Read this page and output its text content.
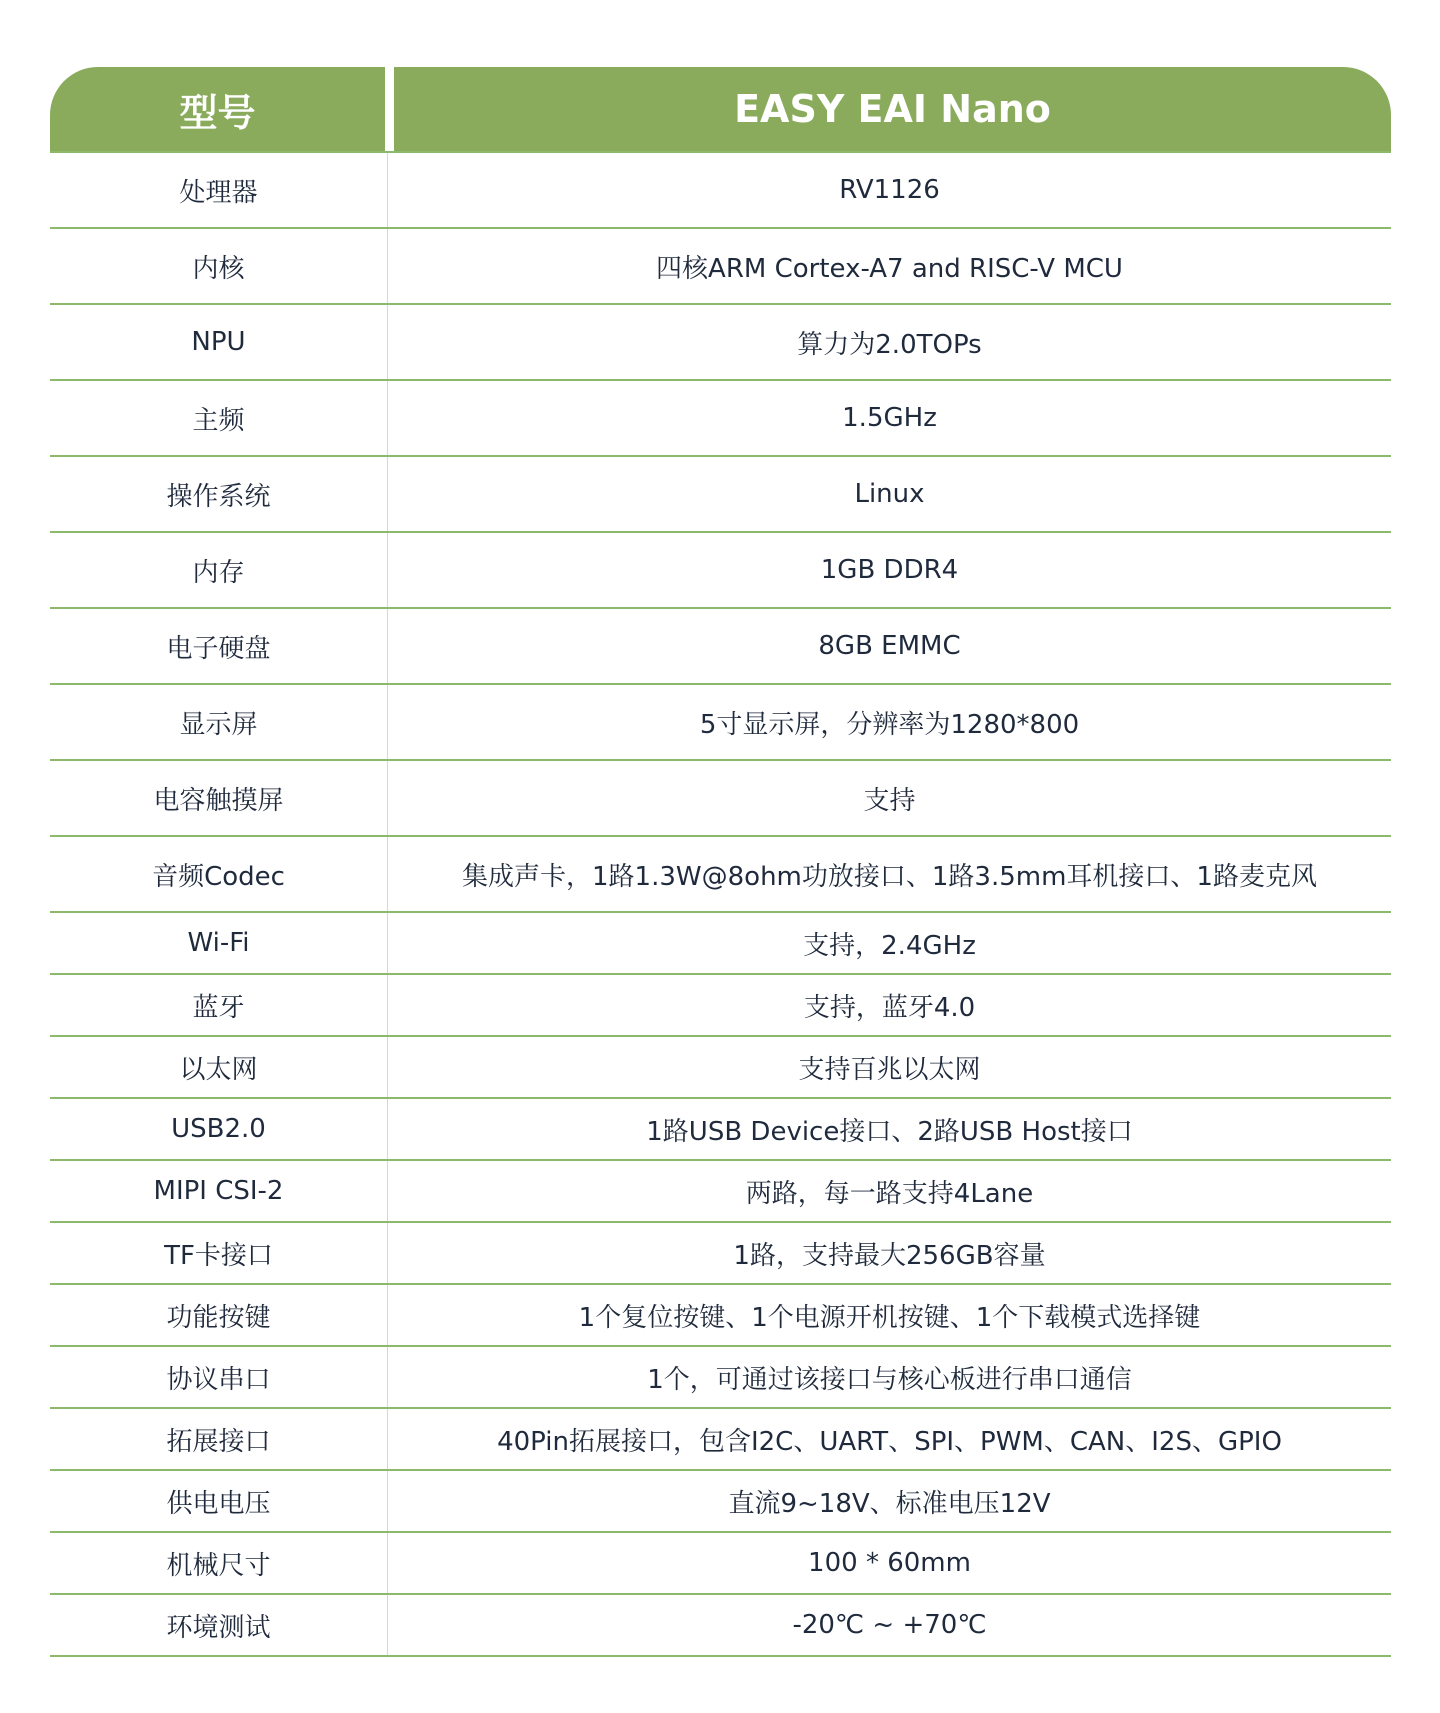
型号	EASY EAI Nano
处理器	RV1126
内核	四核ARM Cortex-A7 and RISC-V MCU
NPU	算力为2.0TOPs
主频	1.5GHz
操作系统	Linux
内存	1GB DDR4
电子硬盘	8GB EMMC
显示屏	5寸显示屏，分辨率为1280*800
电容触摸屏	支持
音频Codec	集成声卡，1路1.3W@8ohm功放接口、1路3.5mm耳机接口、1路麦克风
Wi-Fi	支持，2.4GHz
蓝牙	支持，蓝牙4.0
以太网	支持百兆以太网
USB2.0	1路USB Device接口、2路USB Host接口
MIPI CSI-2	两路，每一路支持4Lane
TF卡接口	1路，支持最大256GB容量
功能按键	1个复位按键、1个电源开机按键、1个下载模式选择键
协议串口	1个，可通过该接口与核心板进行串口通信
拓展接口	40Pin拓展接口，包含I2C、UART、SPI、PWM、CAN、I2S、GPIO
供电电压	直流9~18V、标准电压12V
机械尺寸	100 * 60mm
环境测试	-20℃ ~ +70℃
